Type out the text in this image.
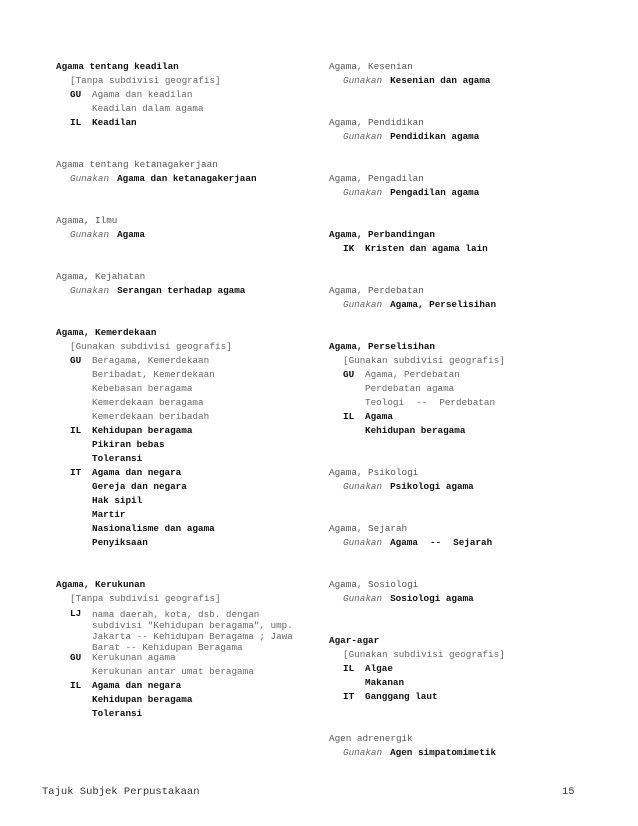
Agama tentang keadilan
[Tanpa subdivisi geografis]
GU Agama dan keadilan
Keadilan dalam agama
IL Keadilan
Agama tentang ketanagakerjaan
Gunakan Agama dan ketanagakerjaan
Agama, Ilmu
Gunakan Agama
Agama, Kejahatan
Gunakan Serangan terhadap agama
Agama, Kemerdekaan
[Gunakan subdivisi geografis]
GU Beragama, Kemerdekaan
Beribadat, Kemerdekaan
Kebebasan beragama
Kemerdekaan beragama
Kemerdekaan beribadah
IL Kehidupan beragama
Pikiran bebas
Toleransi
IT Agama dan negara
Gereja dan negara
Hak sipil
Martir
Nasionalisme dan agama
Penyiksaan
Agama, Kerukunan
[Tanpa subdivisi geografis]
LJ	nama daerah, kota, dsb. dengan subdivisi "Kehidupan beragama", ump. Jakarta -- Kehidupan Beragama ; Jawa Barat -- Kehidupan Beragama
GU Kerukunan agama
Kerukunan antar umat beragama
IL Agama dan negara
Kehidupan beragama
Toleransi
Agama, Kesenian
Gunakan Kesenian dan agama
Agama, Pendidikan
Gunakan Pendidikan agama
Agama, Pengadilan
Gunakan Pengadilan agama
Agama, Perbandingan
IK Kristen dan agama lain
Agama, Perdebatan
Gunakan Agama, Perselisihan
Agama, Perselisihan
[Gunakan subdivisi geografis]
GU Agama, Perdebatan
Perdebatan agama
Teologi -- Perdebatan
IL Agama
Kehidupan beragama
Agama, Psikologi
Gunakan Psikologi agama
Agama, Sejarah
Gunakan Agama -- Sejarah
Agama, Sosiologi
Gunakan Sosiologi agama
Agar-agar
[Gunakan subdivisi geografis]
IL Algae
Makanan
IT Ganggang laut
Agen adrenergik
Gunakan Agen simpatomimetik
Tajuk Subjek Perpustakaan	15
